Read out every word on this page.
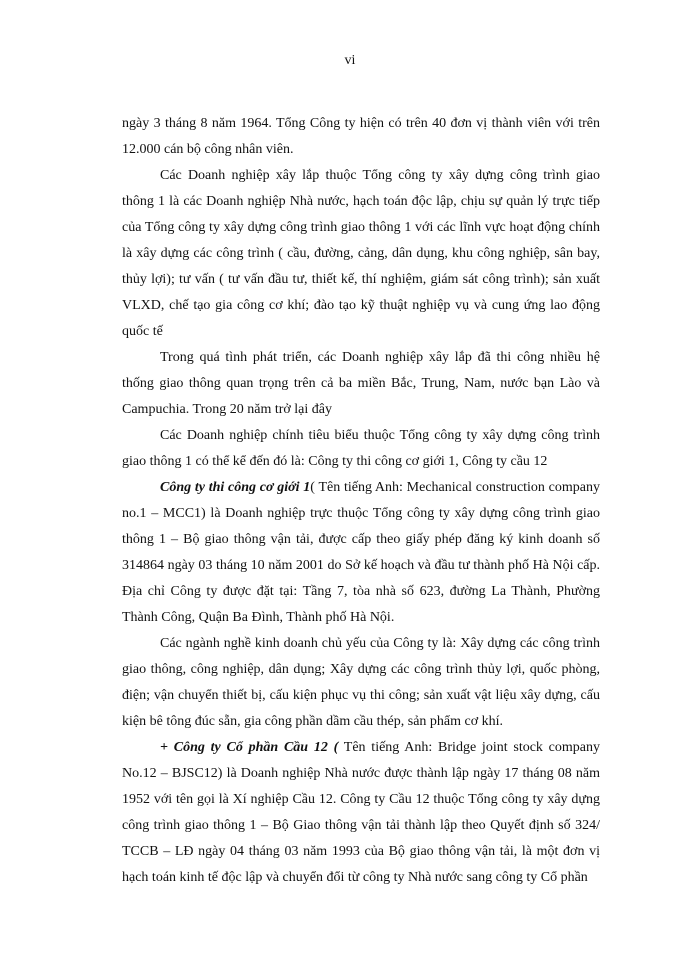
vi

ngày 3 tháng 8 năm 1964. Tổng Công ty hiện có trên 40 đơn vị thành viên với trên 12.000 cán bộ công nhân viên.

Các Doanh nghiệp xây lắp thuộc Tổng công ty xây dựng công trình giao thông 1 là các Doanh nghiệp Nhà nước, hạch toán độc lập, chịu sự quản lý trực tiếp của Tổng công ty xây dựng công trình giao thông 1 với các lĩnh vực hoạt động chính là xây dựng các công trình ( cầu, đường, cảng, dân dụng, khu công nghiệp, sân bay, thủy lợi); tư vấn ( tư vấn đầu tư, thiết kế, thí nghiệm, giám sát công trình); sản xuất VLXD, chế tạo gia công cơ khí; đào tạo kỹ thuật nghiệp vụ và cung ứng lao động quốc tế

Trong quá tình phát triển, các Doanh nghiệp xây lắp đã thi công nhiều hệ thống giao thông quan trọng trên cả ba miền Bắc, Trung, Nam, nước bạn Lào và Campuchia. Trong 20 năm trở lại đây

Các Doanh nghiệp chính tiêu biểu thuộc Tổng công ty xây dựng công trình giao thông 1 có thể kể đến đó là: Công ty thi công cơ giới 1, Công ty cầu 12

Công ty thi công cơ giới 1( Tên tiếng Anh: Mechanical construction company no.1 – MCC1) là Doanh nghiệp trực thuộc Tổng công ty xây dựng công trình giao thông 1 – Bộ giao thông vận tải, được cấp theo giấy phép đăng ký kinh doanh số 314864 ngày 03 tháng 10 năm 2001 do Sở kế hoạch và đầu tư thành phố Hà Nội cấp. Địa chỉ Công ty được đặt tại: Tầng 7, tòa nhà số 623, đường La Thành, Phường Thành Công, Quận Ba Đình, Thành phố Hà Nội.

Các ngành nghề kinh doanh chủ yếu của Công ty là: Xây dựng các công trình giao thông, công nghiệp, dân dụng; Xây dựng các công trình thủy lợi, quốc phòng, điện; vận chuyển thiết bị, cấu kiện phục vụ thi công; sản xuất vật liệu xây dựng, cấu kiện bê tông đúc sẵn, gia công phần dầm cầu thép, sản phẩm cơ khí.

+ Công ty Cổ phần Cầu 12 ( Tên tiếng Anh: Bridge joint stock company No.12 – BJSC12) là Doanh nghiệp Nhà nước được thành lập ngày 17 tháng 08 năm 1952 với tên gọi là Xí nghiệp Cầu 12. Công ty Cầu 12 thuộc Tổng công ty xây dựng công trình giao thông 1 – Bộ Giao thông vận tải thành lập theo Quyết định số 324/ TCCB – LĐ ngày 04 tháng 03 năm 1993 của Bộ giao thông vận tải, là một đơn vị hạch toán kinh tế độc lập và chuyển đổi từ công ty Nhà nước sang công ty Cổ phần
